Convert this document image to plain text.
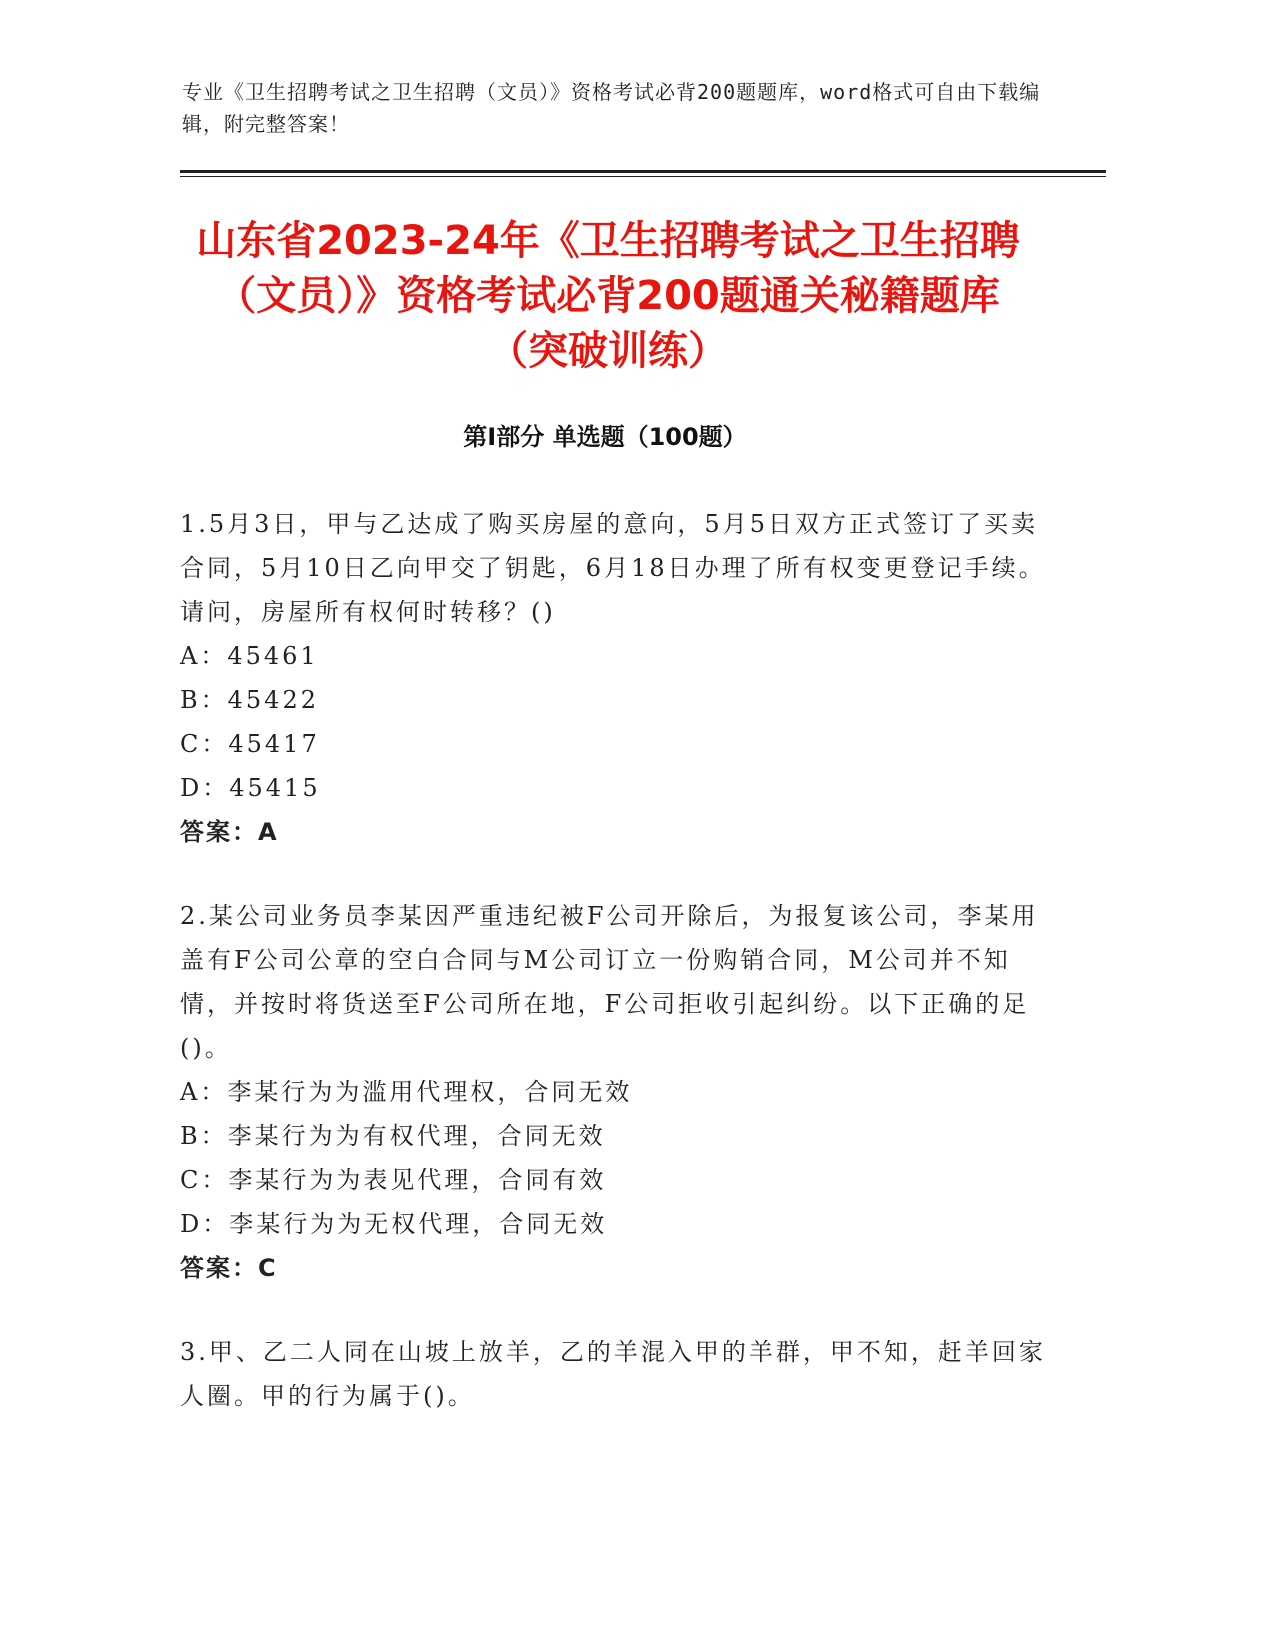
专业《卫生招聘考试之卫生招聘（文员）》资格考试必背200题题库，word格式可自由下载编辑，附完整答案！
山东省2023-24年《卫生招聘考试之卫生招聘（文员）》资格考试必背200题通关秘籍题库（突破训练）
第I部分 单选题（100题）
1.5月3日，甲与乙达成了购买房屋的意向，5月5日双方正式签订了买卖合同，5月10日乙向甲交了钥匙，6月18日办理了所有权变更登记手续。请问，房屋所有权何时转移？()
A：45461
B：45422
C：45417
D：45415
答案：A
2.某公司业务员李某因严重违纪被F公司开除后，为报复该公司，李某用盖有F公司公章的空白合同与M公司订立一份购销合同，M公司并不知情，并按时将货送至F公司所在地，F公司拒收引起纠纷。以下正确的足()。
A：李某行为为滥用代理权，合同无效
B：李某行为为有权代理，合同无效
C：李某行为为表见代理，合同有效
D：李某行为为无权代理，合同无效
答案：C
3.甲、乙二人同在山坡上放羊，乙的羊混入甲的羊群，甲不知，赶羊回家人圈。甲的行为属于()。
